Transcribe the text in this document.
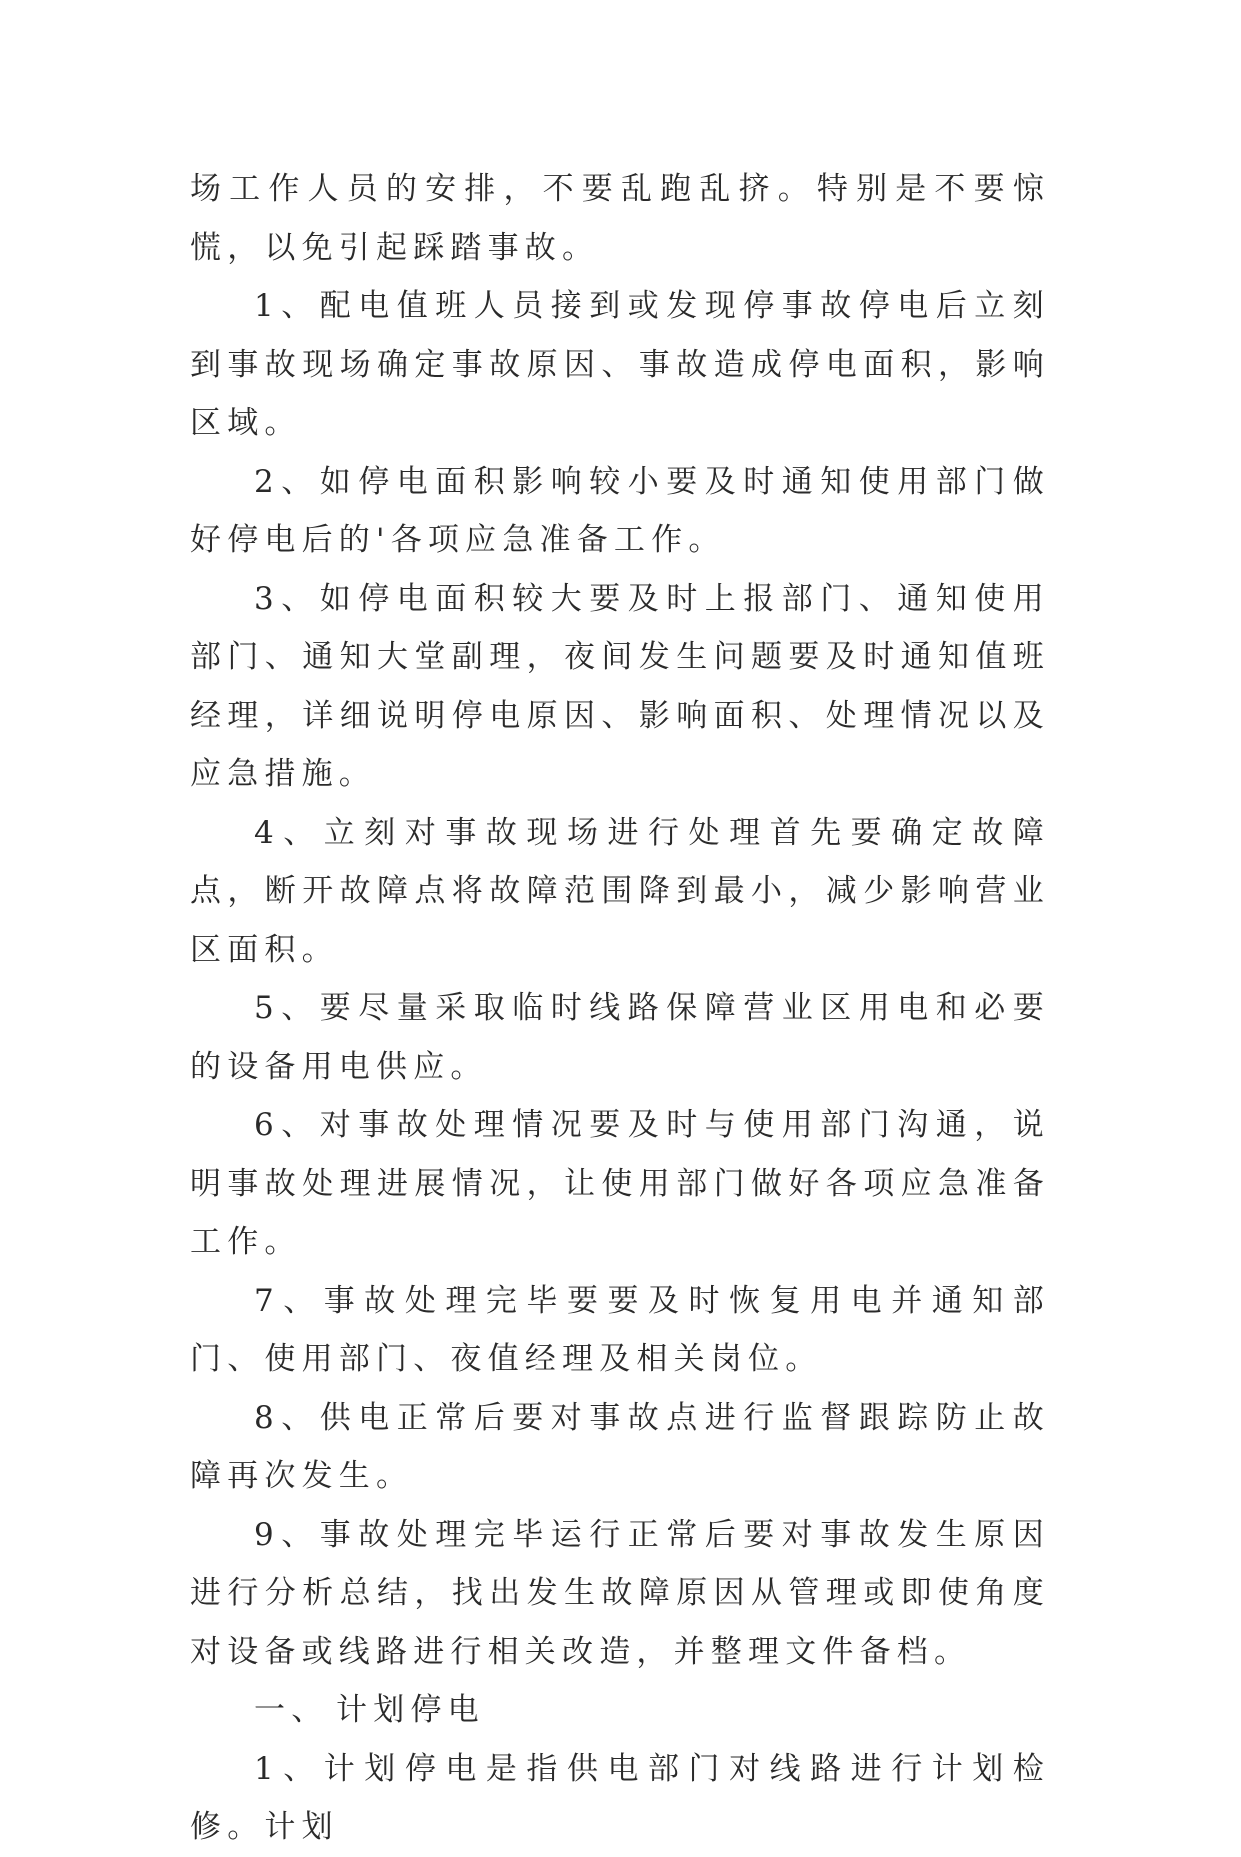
场工作人员的安排，不要乱跑乱挤。特别是不要惊慌，以免引起踩踏事故。

1、配电值班人员接到或发现停事故停电后立刻到事故现场确定事故原因、事故造成停电面积，影响区域。

2、如停电面积影响较小要及时通知使用部门做好停电后的'各项应急准备工作。

3、如停电面积较大要及时上报部门、通知使用部门、通知大堂副理，夜间发生问题要及时通知值班经理，详细说明停电原因、影响面积、处理情况以及应急措施。

4、立刻对事故现场进行处理首先要确定故障点，断开故障点将故障范围降到最小，减少影响营业区面积。

5、要尽量采取临时线路保障营业区用电和必要的设备用电供应。

6、对事故处理情况要及时与使用部门沟通，说明事故处理进展情况，让使用部门做好各项应急准备工作。

7、事故处理完毕要要及时恢复用电并通知部门、使用部门、夜值经理及相关岗位。

8、供电正常后要对事故点进行监督跟踪防止故障再次发生。

9、事故处理完毕运行正常后要对事故发生原因进行分析总结，找出发生故障原因从管理或即使角度对设备或线路进行相关改造，并整理文件备档。

一、 计划停电

1、计划停电是指供电部门对线路进行计划检修。计划
